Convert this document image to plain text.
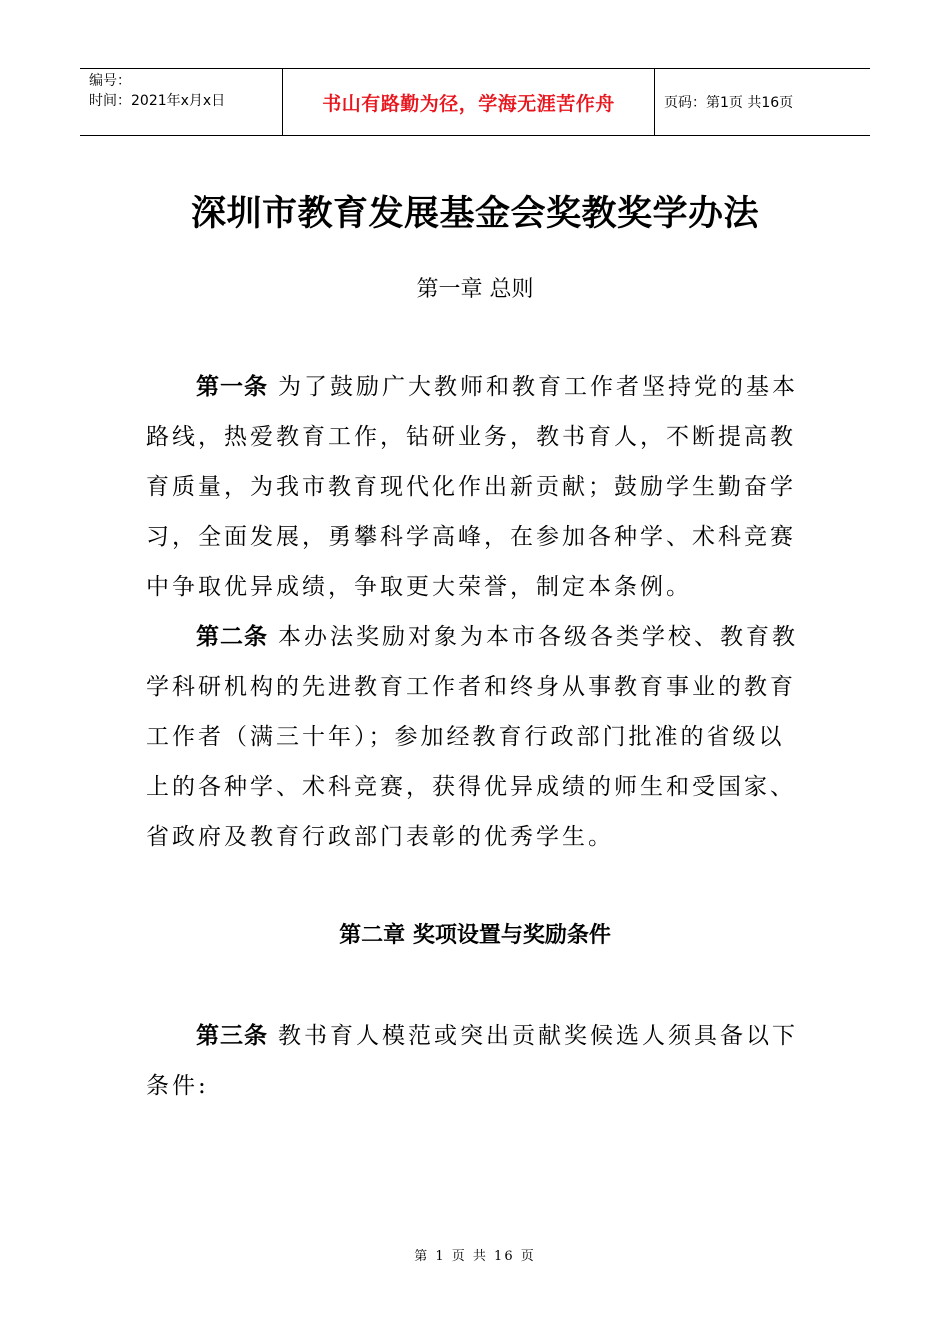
编号：
时间：2021年x月x日	书山有路勤为径，学海无涯苦作舟	页码：第1页 共16页
深圳市教育发展基金会奖教奖学办法
第一章 总则

第一条 为了鼓励广大教师和教育工作者坚持党的基本路线，热爱教育工作，钻研业务，教书育人，不断提高教育质量，为我市教育现代化作出新贡献；鼓励学生勤奋学习，全面发展，勇攀科学高峰，在参加各种学、术科竞赛中争取优异成绩，争取更大荣誉，制定本条例。

第二条 本办法奖励对象为本市各级各类学校、教育教学科研机构的先进教育工作者和终身从事教育事业的教育工作者（满三十年）；参加经教育行政部门批准的省级以上的各种学、术科竞赛，获得优异成绩的师生和受国家、省政府及教育行政部门表彰的优秀学生。

第二章 奖项设置与奖励条件

第三条 教书育人模范或突出贡献奖候选人须具备以下条件:

第 1 页 共 16 页
